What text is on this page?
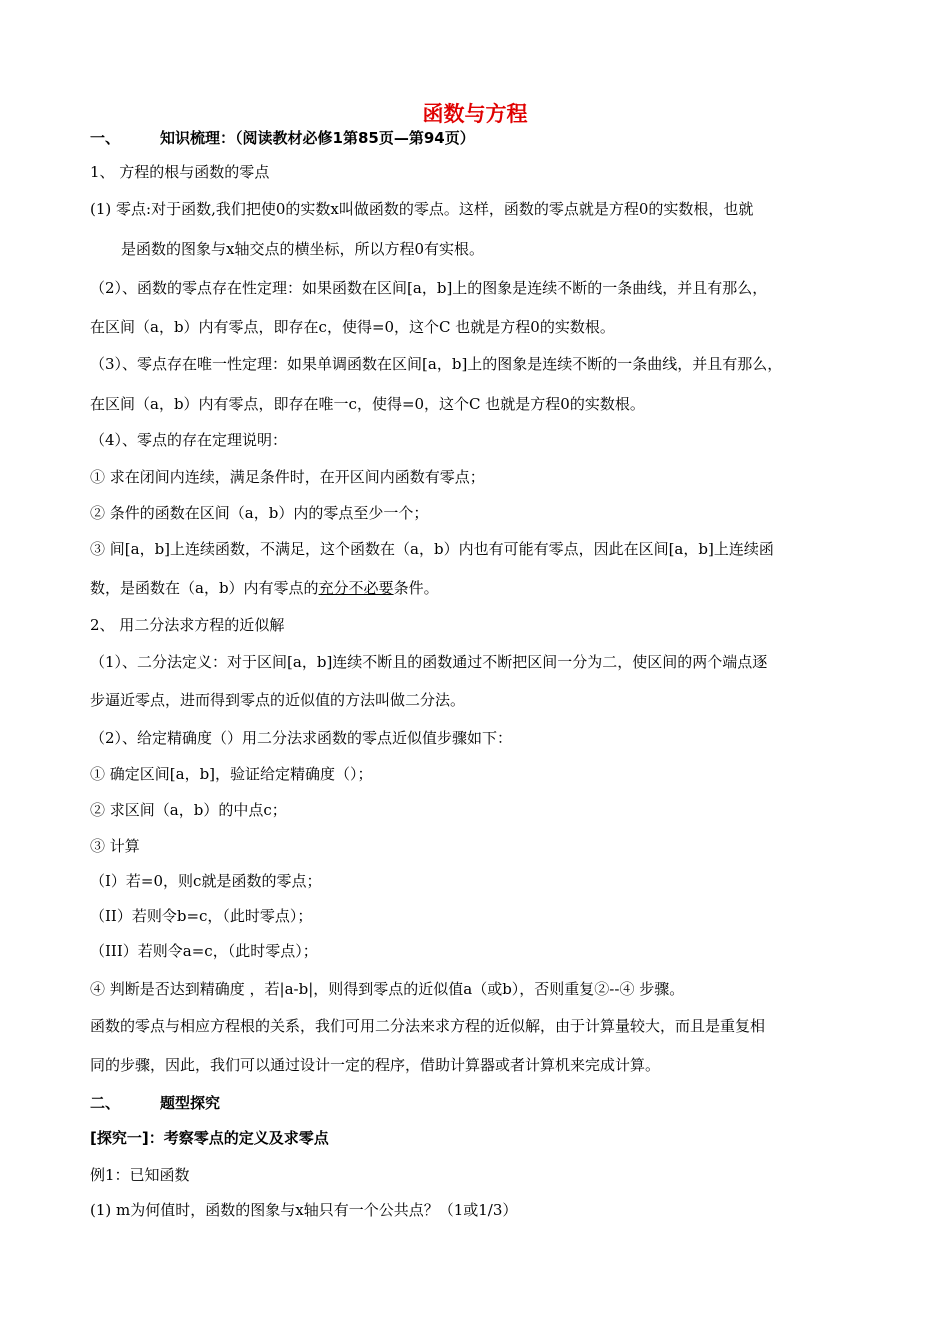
函数与方程
一、	知识梳理：（阅读教材必修1第85页—第94页）
1、 方程的根与函数的零点
(1) 零点:对于函数,我们把使0的实数x叫做函数的零点。这样，函数的零点就是方程0的实数根，也就
是函数的图象与x轴交点的横坐标，所以方程0有实根。
（2）、函数的零点存在性定理：如果函数在区间[a，b]上的图象是连续不断的一条曲线，并且有那么，
在区间（a，b）内有零点，即存在c，使得=0，这个C 也就是方程0的实数根。
（3）、零点存在唯一性定理：如果单调函数在区间[a，b]上的图象是连续不断的一条曲线，并且有那么，
在区间（a，b）内有零点，即存在唯一c，使得=0，这个C 也就是方程0的实数根。
（4）、零点的存在定理说明：
① 求在闭间内连续，满足条件时，在开区间内函数有零点；
② 条件的函数在区间（a，b）内的零点至少一个；
③ 间[a，b]上连续函数，不满足，这个函数在（a，b）内也有可能有零点，因此在区间[a，b]上连续函
数，是函数在（a，b）内有零点的充分不必要条件。
2、 用二分法求方程的近似解
（1）、二分法定义：对于区间[a，b]连续不断且的函数通过不断把区间一分为二，使区间的两个端点逐
步逼近零点，进而得到零点的近似值的方法叫做二分法。
（2）、给定精确度（）用二分法求函数的零点近似值步骤如下：
① 确定区间[a，b]，验证给定精确度（）；
② 求区间（a，b）的中点c；
③ 计算
（I）若=0，则c就是函数的零点；
（II）若则令b=c，（此时零点）；
（III）若则令a=c，（此时零点）；
④ 判断是否达到精确度 ，若|a-b|，则得到零点的近似值a（或b），否则重复②--④ 步骤。
函数的零点与相应方程根的关系，我们可用二分法来求方程的近似解，由于计算量较大，而且是重复相
同的步骤，因此，我们可以通过设计一定的程序，借助计算器或者计算机来完成计算。
二、	题型探究
[探究一]：考察零点的定义及求零点
例1：已知函数
(1) m为何值时，函数的图象与x轴只有一个公共点？（1或1/3）
